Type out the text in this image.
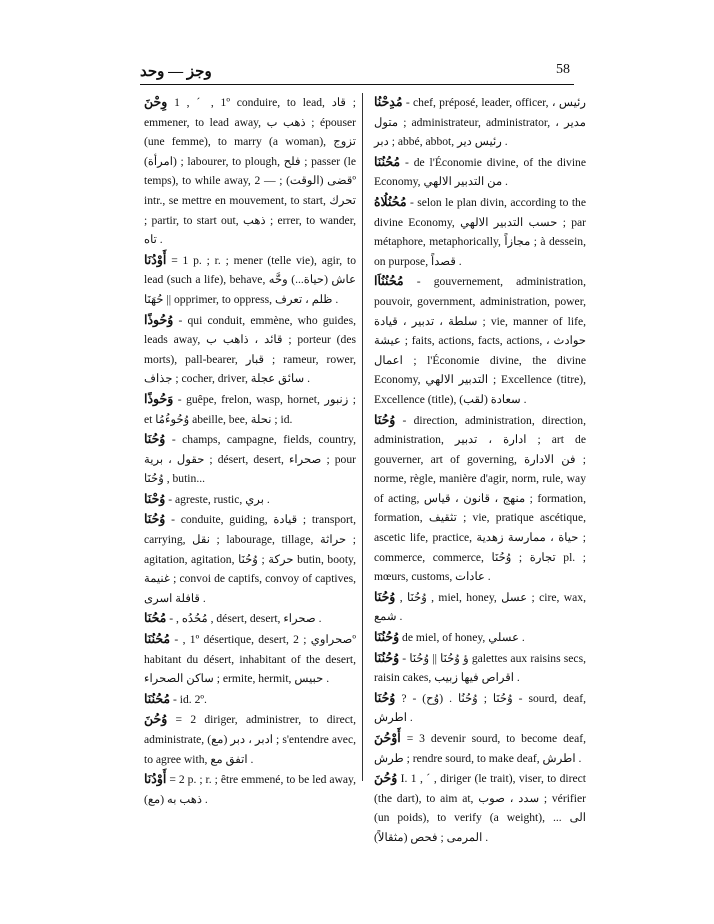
وجز — وحد	58
وِحْنَ 1 , ˊ , 1º conduire, to lead, قاد ; emmener, to lead away, ذهب ب ; épouser (une femme), to marry (a woman), تزوج (امرأة) ; labourer, to plough, فلح ; passer (le temps), to while away, قضى (الوقت) ; — 2º intr., se mettre en mouvement, to start, تحرك ; partir, to start out, ذهب ; errer, to wander, تاه .
أَوْدُنَا = 1 p. ; r. ; mener (telle vie), agir, to lead (such a life), behave, عاش (حياة...) وحَّه حُهَنَا || opprimer, to oppress, ظلم ، تعرف .
وُحُوذًا - qui conduit, emmène, who guides, leads away, قائد ، ذاهب ب ; porteur (des morts), pall-bearer, قبار ; rameur, rower, جذاف ; cocher, driver, سائق عجلة .
وَحُوذًا - guêpe, frelon, wasp, hornet, زنبور ; et وُحُوءُمُا abeille, bee, نحلة ; id.
وُحُنَا - champs, campagne, fields, country, حقول ، برية ; désert, desert, صحراء ; pour وُحُنَا , butin...
وُحْنَا - agreste, rustic, بري .
وُحُنَا - conduite, guiding, قيادة ; transport, carrying, نقل ; labourage, tillage, حراثة ; agitation, agitation, حركة ; وُحُنَا butin, booty, غنيمة ; convoi de captifs, convoy of captives, قافلة اسرى .
مُحُنَا - , مُحُدُه , désert, desert, صحراء .
مُحُنُنَا - , 1º désertique, desert, صحراوي ; 2º habitant du désert, inhabitant of the desert, ساكن الصحراء ; ermite, hermit, حبيس .
مُحُنُنَا - id. 2º.
وُحُنَ = 2 diriger, administrer, to direct, administrate, ادبر ، دبر (مع) ; s'entendre avec, to agree with, اتفق مع .
أَوْدُنَا = 2 p. ; r. ; être emmené, to be led away, ذهب به (مع) .
مُدِحْنُا - chef, préposé, leader, officer, رئيس ، متول ; administrateur, administrator, مدير ، دبر ; abbé, abbot, رئيس دير .
مُحُنُنَا - de l'Économie divine, of the divine Economy, من التدبير الالهي .
مُحُنُلُاهُ - selon le plan divin, according to the divine Economy, حسب التدبير الالهي ; par métaphore, metaphorically, مجازاً ; à dessein, on purpose, قصداً .
مُحُنُنُاَا - gouvernement, administration, pouvoir, government, administration, power, سلطة ، تدبير ، قيادة ; vie, manner of life, عيشة ; faits, actions, facts, actions, حوادث ، اعمال ; l'Économie divine, the divine Economy, التدبير الالهي ; Excellence (titre), Excellence (title), سعادة (لقب) .
وُحُنَا - direction, administration, direction, administration, ادارة ، تدبير ; art de gouverner, art of governing, فن الادارة ; norme, règle, manière d'agir, norm, rule, way of acting, منهج ، قانون ، قياس ; formation, formation, تثقيف ; vie, pratique ascétique, ascetic life, practice, حياة ، ممارسة زهدية ; commerce, commerce, تجارة ; وُحُنَا pl. ; mœurs, customs, عادات .
وُحُنَا , وُحُنَا , miel, honey, عسل ; cire, wax, شمع .
وُحُنُنَا de miel, of honey, عسلي .
وُحُنُنَا - ؤ وُحُنَا || وُحُنَا galettes aux raisins secs, raisin cakes, اقراص فيها زبيب .
وُحُنَا ? - (وُح) . وُحُنَا ; وُحُنُا - sourd, deaf, اطرش .
أَوْحُنَ = 3 devenir sourd, to become deaf, طرش ; rendre sourd, to make deaf, اطرش .
وُحُنَ I. 1 , ˊ , diriger (le trait), viser, to direct (the dart), to aim at, سدد ، صوب ; vérifier (un poids), to verify (a weight), الى ... المرمى ; فحص (مثقالاً) .
